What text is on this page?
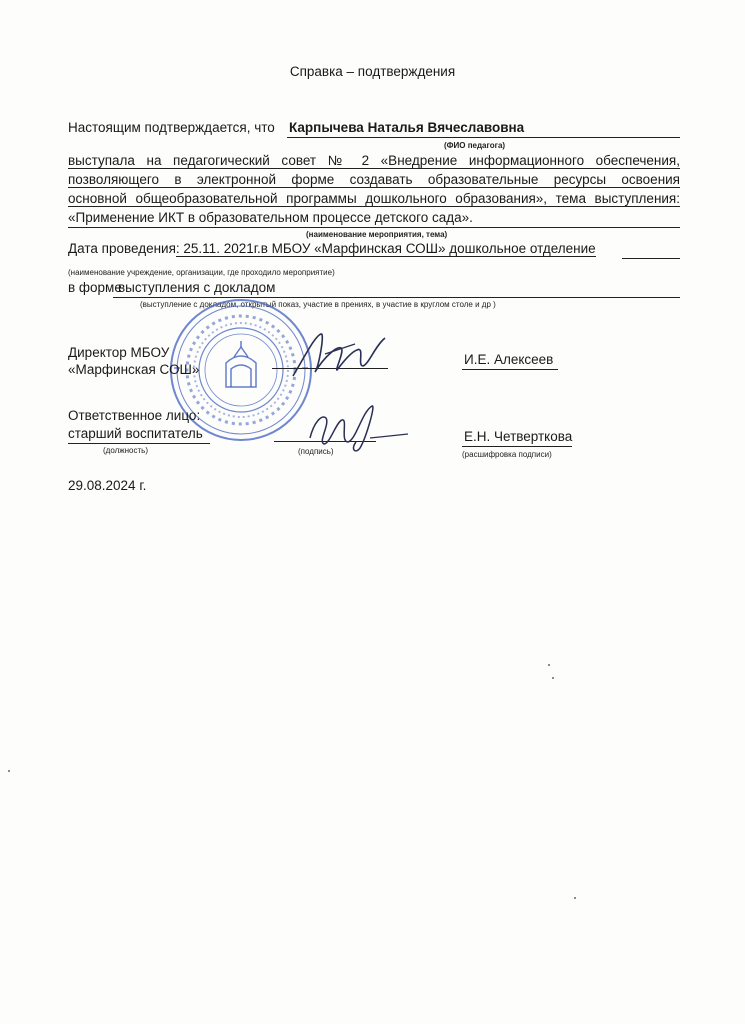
Справка – подтверждения
Настоящим подтверждается, что Карпычева Наталья Вячеславовна
(ФИО педагога)
выступала на педагогический совет № 2 «Внедрение информационного обеспечения,
позволяющего в электронной форме создавать образовательные ресурсы освоения
основной общеобразовательной программы дошкольного образования», тема выступления:
«Применение ИКТ в образовательном процессе детского сада».
(наименование мероприятия, тема)
Дата проведения: 25.11. 2021г.в МБОУ «Марфинская СОШ» дошкольное отделение
(наименование учреждение, организации, где проходило мероприятие)
в форме
выступления с докладом
(выступление с докладом, открытый показ, участие в прениях, в участие в круглом столе и др )
Директор МБОУ
«Марфинская СОШ»
И.Е. Алексеев
Ответственное лицо:
старший воспитатель
(должность)	(подпись)
Е.Н. Четверткова
(расшифровка подписи)
29.08.2024 г.
